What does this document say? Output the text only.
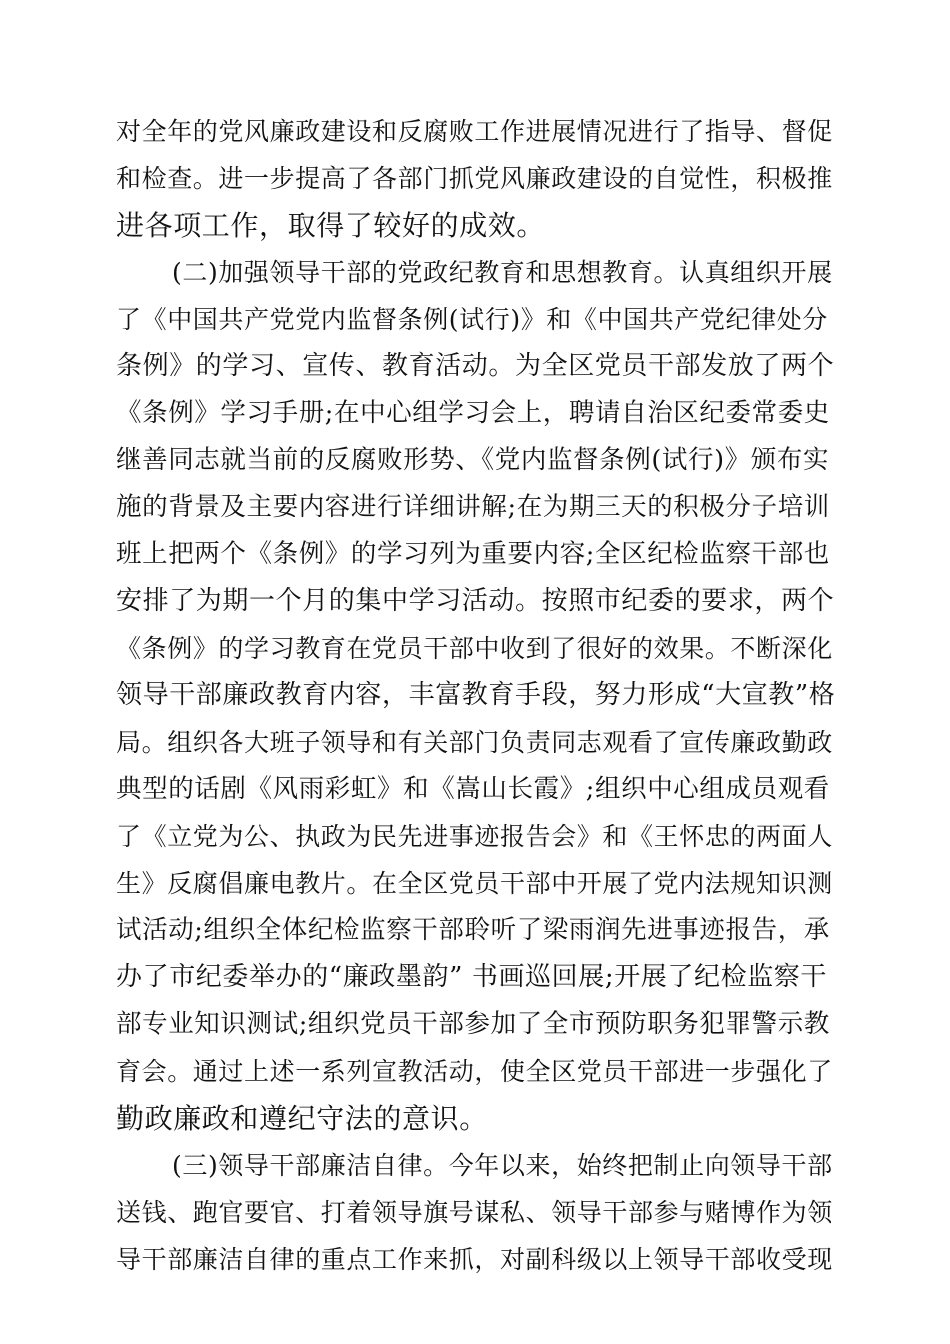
对全年的党风廉政建设和反腐败工作进展情况进行了指导、督促
和检查。进一步提高了各部门抓党风廉政建设的自觉性，积极推
进各项工作，取得了较好的成效。
(二)加强领导干部的党政纪教育和思想教育。认真组织开展
了《中国共产党党内监督条例(试行)》和《中国共产党纪律处分
条例》的学习、宣传、教育活动。为全区党员干部发放了两个
《条例》学习手册;在中心组学习会上，聘请自治区纪委常委史
继善同志就当前的反腐败形势、《党内监督条例(试行)》颁布实
施的背景及主要内容进行详细讲解;在为期三天的积极分子培训
班上把两个《条例》的学习列为重要内容;全区纪检监察干部也
安排了为期一个月的集中学习活动。按照市纪委的要求，两个
《条例》的学习教育在党员干部中收到了很好的效果。不断深化
领导干部廉政教育内容，丰富教育手段，努力形成“大宣教”格
局。组织各大班子领导和有关部门负责同志观看了宣传廉政勤政
典型的话剧《风雨彩虹》和《嵩山长霞》;组织中心组成员观看
了《立党为公、执政为民先进事迹报告会》和《王怀忠的两面人
生》反腐倡廉电教片。在全区党员干部中开展了党内法规知识测
试活动;组织全体纪检监察干部聆听了梁雨润先进事迹报告，承
办了市纪委举办的“廉政墨韵” 书画巡回展;开展了纪检监察干
部专业知识测试;组织党员干部参加了全市预防职务犯罪警示教
育会。通过上述一系列宣教活动，使全区党员干部进一步强化了
勤政廉政和遵纪守法的意识。
(三)领导干部廉洁自律。今年以来，始终把制止向领导干部
送钱、跑官要官、打着领导旗号谋私、领导干部参与赌博作为领
导干部廉洁自律的重点工作来抓，对副科级以上领导干部收受现
